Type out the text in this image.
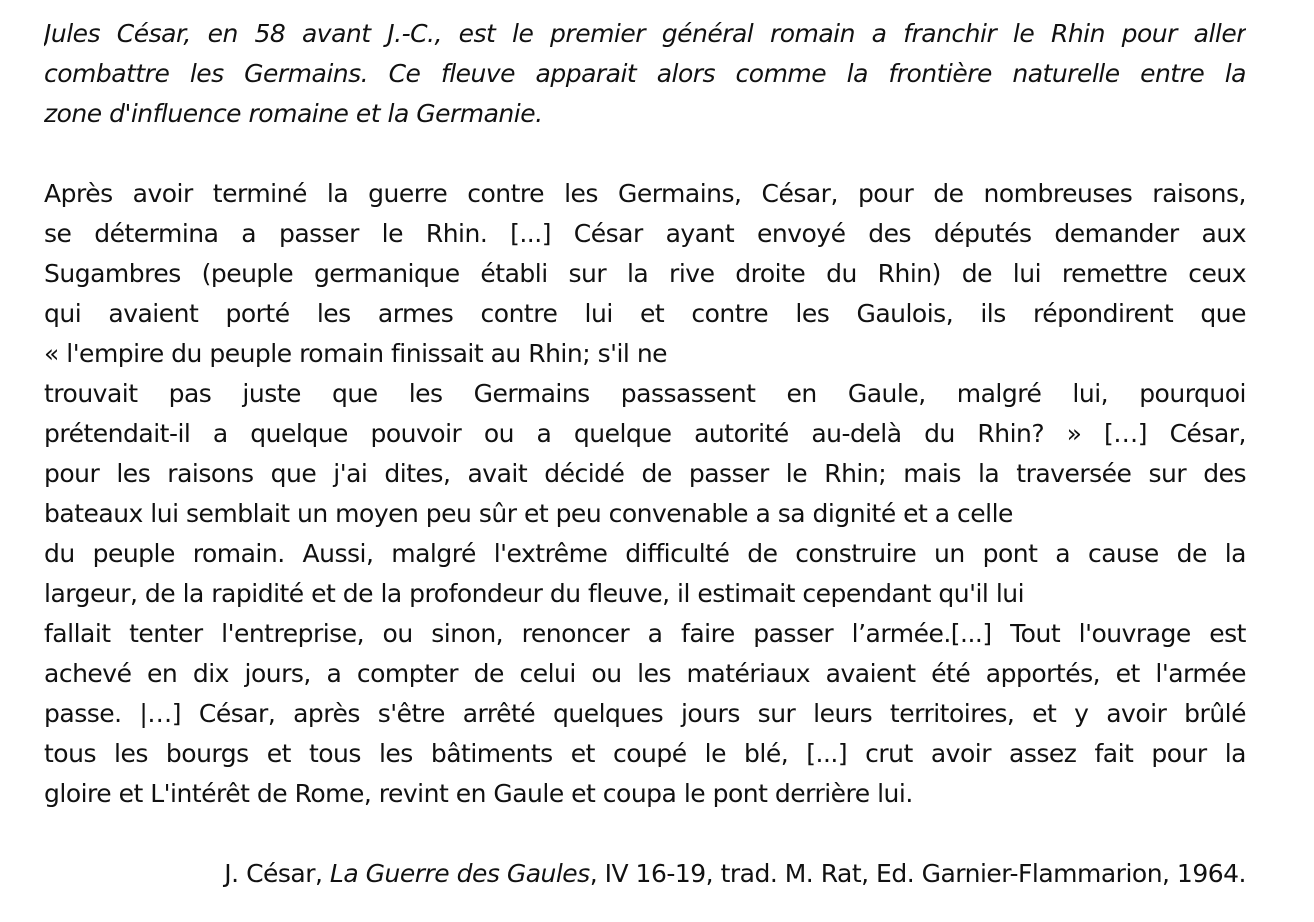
Jules César, en 58 avant J.-C., est le premier général romain a franchir le Rhin pour aller
combattre les Germains. Ce fleuve apparait alors comme la frontière naturelle entre la
zone d'influence romaine et la Germanie.
Après avoir terminé la guerre contre les Germains, César, pour de nombreuses raisons,
se détermina a passer le Rhin. [...] César ayant envoyé des députés demander aux
Sugambres (peuple germanique établi sur la rive droite du Rhin) de lui remettre ceux
qui avaient porté les armes contre lui et contre les Gaulois, ils répondirent que
« l'empire du peuple romain finissait au Rhin; s'il ne
trouvait pas juste que les Germains passassent en Gaule, malgré lui, pourquoi
prétendait-il a quelque pouvoir ou a quelque autorité au-delà du Rhin? » […] César,
pour les raisons que j'ai dites, avait décidé de passer le Rhin; mais la traversée sur des
bateaux lui semblait un moyen peu sûr et peu convenable a sa dignité et a celle
du peuple romain. Aussi, malgré l'extrême difficulté de construire un pont a cause de la
largeur, de la rapidité et de la profondeur du fleuve, il estimait cependant qu'il lui
fallait tenter l'entreprise, ou sinon, renoncer a faire passer l’armée.[...] Tout l'ouvrage est
achevé en dix jours, a compter de celui ou les matériaux avaient été apportés, et l'armée
passe. |…] César, après s'être arrêté quelques jours sur leurs territoires, et y avoir brûlé
tous les bourgs et tous les bâtiments et coupé le blé, [...] crut avoir assez fait pour la
gloire et L'intérêt de Rome, revint en Gaule et coupa le pont derrière lui.
J. César, La Guerre des Gaules, IV 16-19, trad. M. Rat, Ed. Garnier-Flammarion, 1964.
